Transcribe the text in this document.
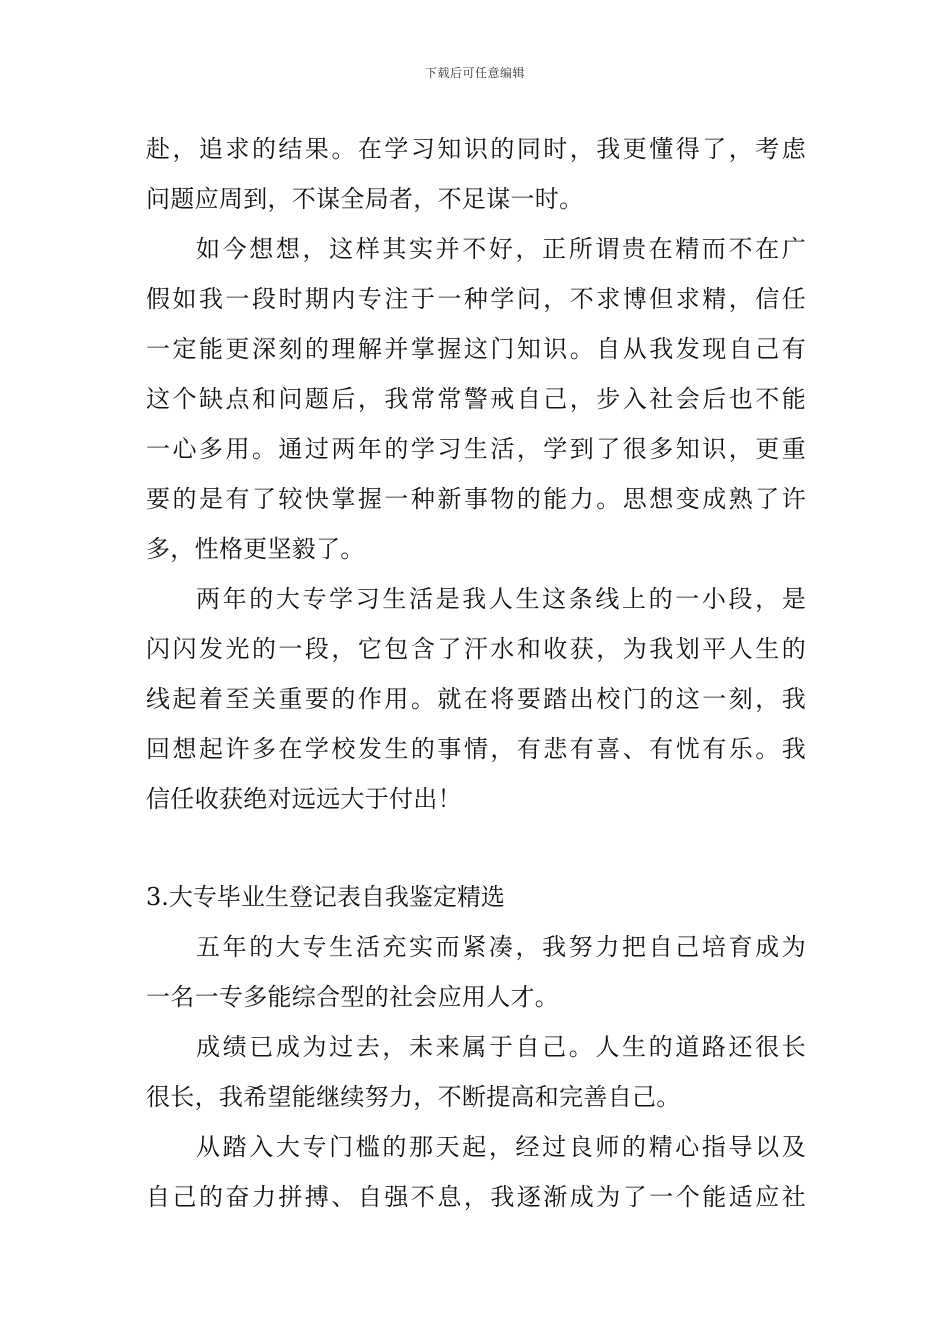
下载后可任意编辑
赴，追求的结果。在学习知识的同时，我更懂得了，考虑
问题应周到，不谋全局者，不足谋一时。
如今想想，这样其实并不好，正所谓贵在精而不在广
假如我一段时期内专注于一种学问，不求博但求精，信任
一定能更深刻的理解并掌握这门知识。自从我发现自己有
这个缺点和问题后，我常常警戒自己，步入社会后也不能
一心多用。通过两年的学习生活，学到了很多知识，更重
要的是有了较快掌握一种新事物的能力。思想变成熟了许
多，性格更坚毅了。
两年的大专学习生活是我人生这条线上的一小段，是
闪闪发光的一段，它包含了汗水和收获，为我划平人生的
线起着至关重要的作用。就在将要踏出校门的这一刻，我
回想起许多在学校发生的事情，有悲有喜、有忧有乐。我
信任收获绝对远远大于付出！
3.大专毕业生登记表自我鉴定精选
五年的大专生活充实而紧凑，我努力把自己培育成为
一名一专多能综合型的社会应用人才。
成绩已成为过去，未来属于自己。人生的道路还很长
很长，我希望能继续努力，不断提高和完善自己。
从踏入大专门槛的那天起，经过良师的精心指导以及
自己的奋力拼搏、自强不息，我逐渐成为了一个能适应社
